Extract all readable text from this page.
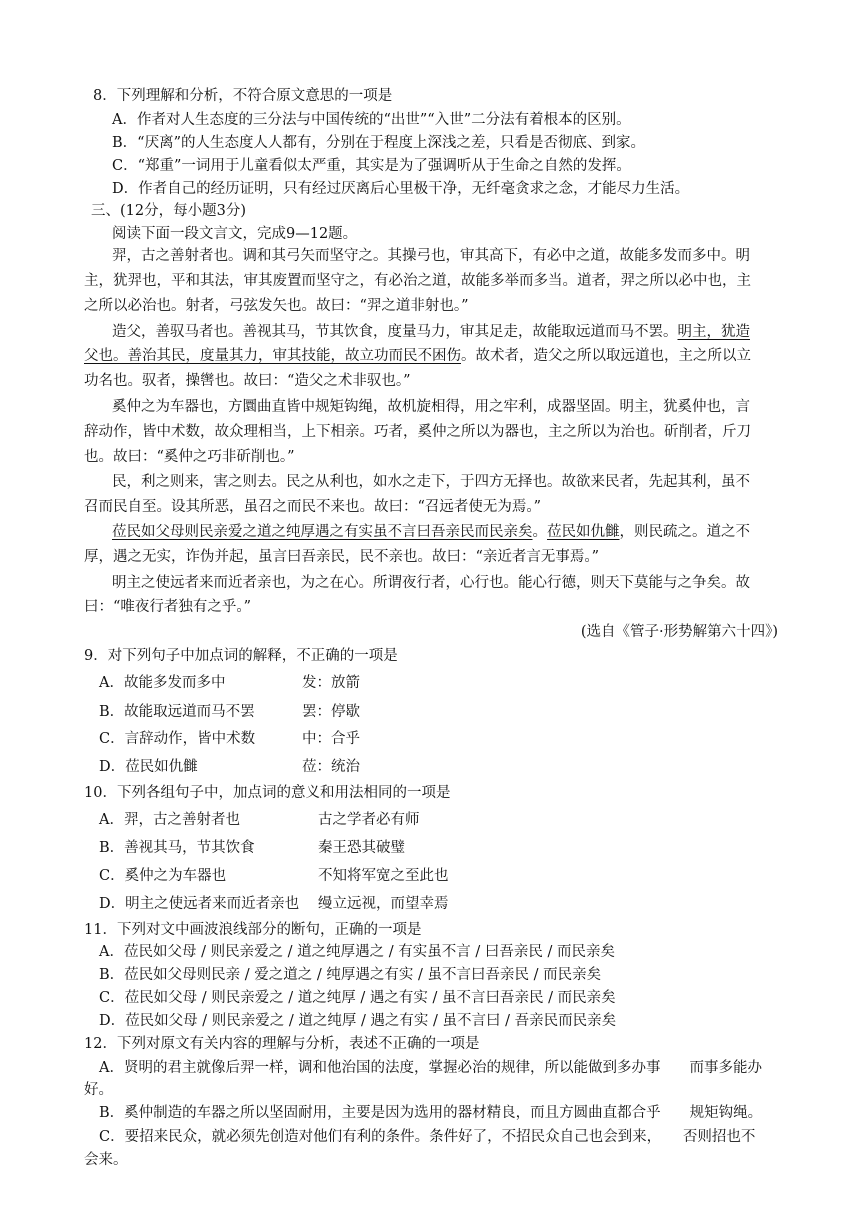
8．下列理解和分析，不符合原文意思的一项是
A．作者对人生态度的三分法与中国传统的“出世”“入世”二分法有着根本的区别。
B．“厌离”的人生态度人人都有，分别在于程度上深浅之差，只看是否彻底、到家。
C．“郑重”一词用于儿童看似太严重，其实是为了强调听从于生命之自然的发挥。
D．作者自己的经历证明，只有经过厌离后心里极干净，无纤毫贪求之念，才能尽力生活。
三、(12分，每小题3分)
阅读下面一段文言文，完成9—12题。
羿，古之善射者也。调和其弓矢而坚守之。其操弓也，审其高下，有必中之道，故能多发而多中。明
主，犹羿也，平和其法，审其废置而坚守之，有必治之道，故能多举而多当。道者，羿之所以必中也，主
之所以必治也。射者，弓弦发矢也。故曰：“羿之道非射也。”
造父，善驭马者也。善视其马，节其饮食，度量马力，审其足走，故能取远道而马不罢。明主，犹造
父也。善治其民，度量其力，审其技能，故立功而民不困伤。故术者，造父之所以取远道也，主之所以立
功名也。驭者，操辔也。故曰：“造父之术非驭也。”
奚仲之为车器也，方圜曲直皆中规矩钩绳，故机旋相得，用之牢利，成器坚固。明主，犹奚仲也，言
辞动作，皆中术数，故众理相当，上下相亲。巧者，奚仲之所以为器也，主之所以为治也。斫削者，斤刀
也。故曰：“奚仲之巧非斫削也。”
民，利之则来，害之则去。民之从利也，如水之走下，于四方无择也。故欲来民者，先起其利，虽不
召而民自至。设其所恶，虽召之而民不来也。故曰：“召远者使无为焉。”
莅民如父母则民亲爱之道之纯厚遇之有实虽不言曰吾亲民而民亲矣。莅民如仇雠，则民疏之。道之不
厚，遇之无实，诈伪并起，虽言曰吾亲民，民不亲也。故曰：“亲近者言无事焉。”
明主之使远者来而近者亲也，为之在心。所谓夜行者，心行也。能心行德，则天下莫能与之争矣。故
曰：“唯夜行者独有之乎。”
(选自《管子·形势解第六十四》)
9．对下列句子中加点词的解释，不正确的一项是
A．故能多发而多中	发：放箭
B．故能取远道而马不罢	罢：停歇
C．言辞动作，皆中术数	中：合乎
D．莅民如仇雠	莅：统治
10．下列各组句子中，加点词的意义和用法相同的一项是
A．羿，古之善射者也	古之学者必有师
B．善视其马，节其饮食	秦王恐其破璧
C．奚仲之为车器也	不知将军宽之至此也
D．明主之使远者来而近者亲也 缦立远视，而望幸焉
11．下列对文中画波浪线部分的断句，正确的一项是
A．莅民如父母 / 则民亲爱之 / 道之纯厚遇之 / 有实虽不言 / 曰吾亲民 / 而民亲矣
B．莅民如父母则民亲 / 爱之道之 / 纯厚遇之有实 / 虽不言曰吾亲民 / 而民亲矣
C．莅民如父母 / 则民亲爱之 / 道之纯厚 / 遇之有实 / 虽不言曰吾亲民 / 而民亲矣
D．莅民如父母 / 则民亲爱之 / 道之纯厚 / 遇之有实 / 虽不言曰 / 吾亲民而民亲矣
12．下列对原文有关内容的理解与分析，表述不正确的一项是
A．贤明的君主就像后羿一样，调和他治国的法度，掌握必治的规律，所以能做到多办事　　而事多能办
好。
B．奚仲制造的车器之所以坚固耐用，主要是因为选用的器材精良，而且方圆曲直都合乎　　规矩钩绳。
C．要招来民众，就必须先创造对他们有利的条件。条件好了，不招民众自己也会到来，　　否则招也不
会来。
